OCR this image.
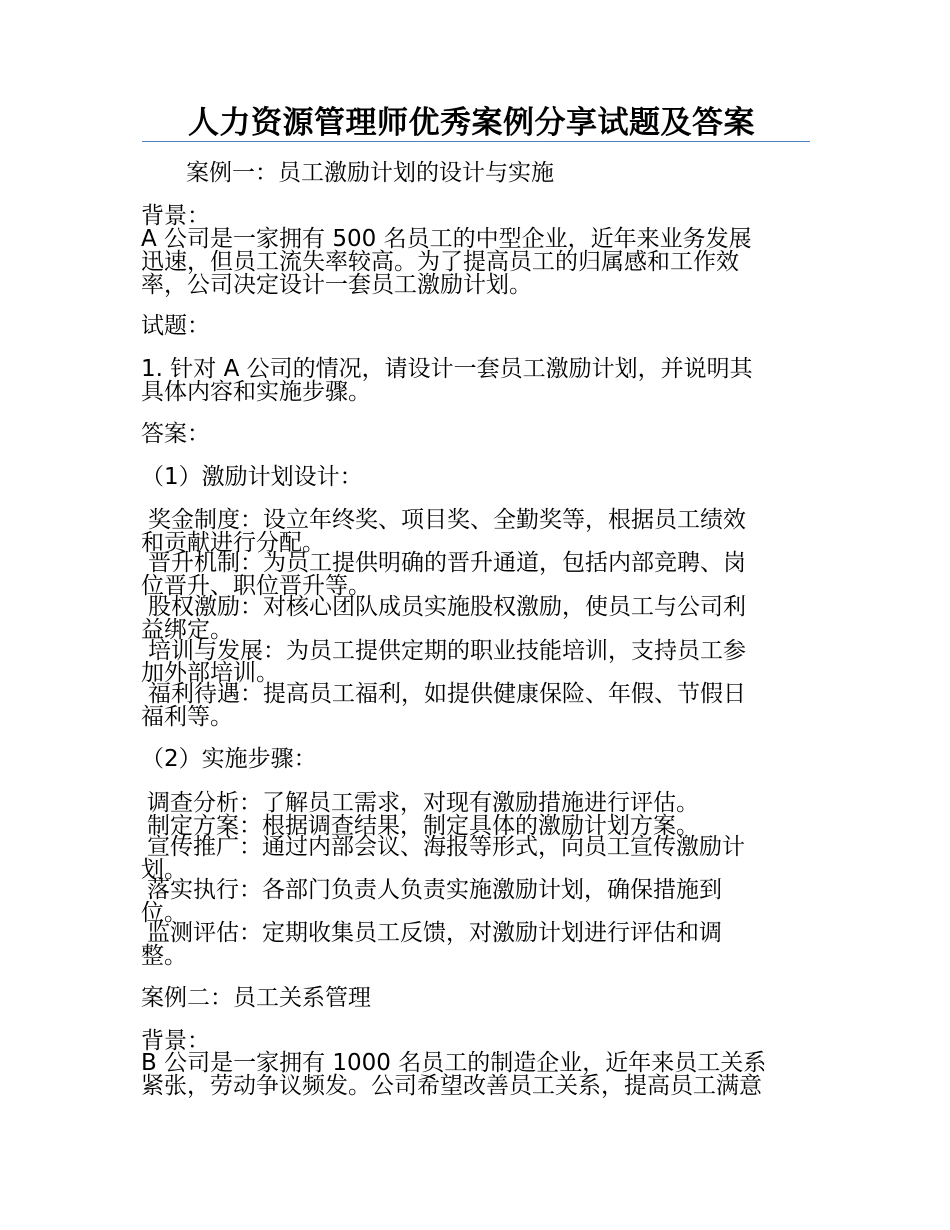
人力资源管理师优秀案例分享试题及答案
案例一：员工激励计划的设计与实施
背景：
A 公司是一家拥有 500 名员工的中型企业，近年来业务发展
迅速，但员工流失率较高。为了提高员工的归属感和工作效
率，公司决定设计一套员工激励计划。
试题：
1. 针对 A 公司的情况，请设计一套员工激励计划，并说明其
具体内容和实施步骤。
答案：
（1）激励计划设计：
奖金制度：设立年终奖、项目奖、全勤奖等，根据员工绩效
和贡献进行分配。
晋升机制：为员工提供明确的晋升通道，包括内部竞聘、岗
位晋升、职位晋升等。
股权激励：对核心团队成员实施股权激励，使员工与公司利
益绑定。
培训与发展：为员工提供定期的职业技能培训，支持员工参
加外部培训。
福利待遇：提高员工福利，如提供健康保险、年假、节假日
福利等。
（2）实施步骤：
调查分析：了解员工需求，对现有激励措施进行评估。
制定方案：根据调查结果，制定具体的激励计划方案。
宣传推广：通过内部会议、海报等形式，向员工宣传激励计
划。
落实执行：各部门负责人负责实施激励计划，确保措施到
位。
监测评估：定期收集员工反馈，对激励计划进行评估和调
整。
案例二：员工关系管理
背景：
B 公司是一家拥有 1000 名员工的制造企业，近年来员工关系
紧张，劳动争议频发。公司希望改善员工关系，提高员工满意
